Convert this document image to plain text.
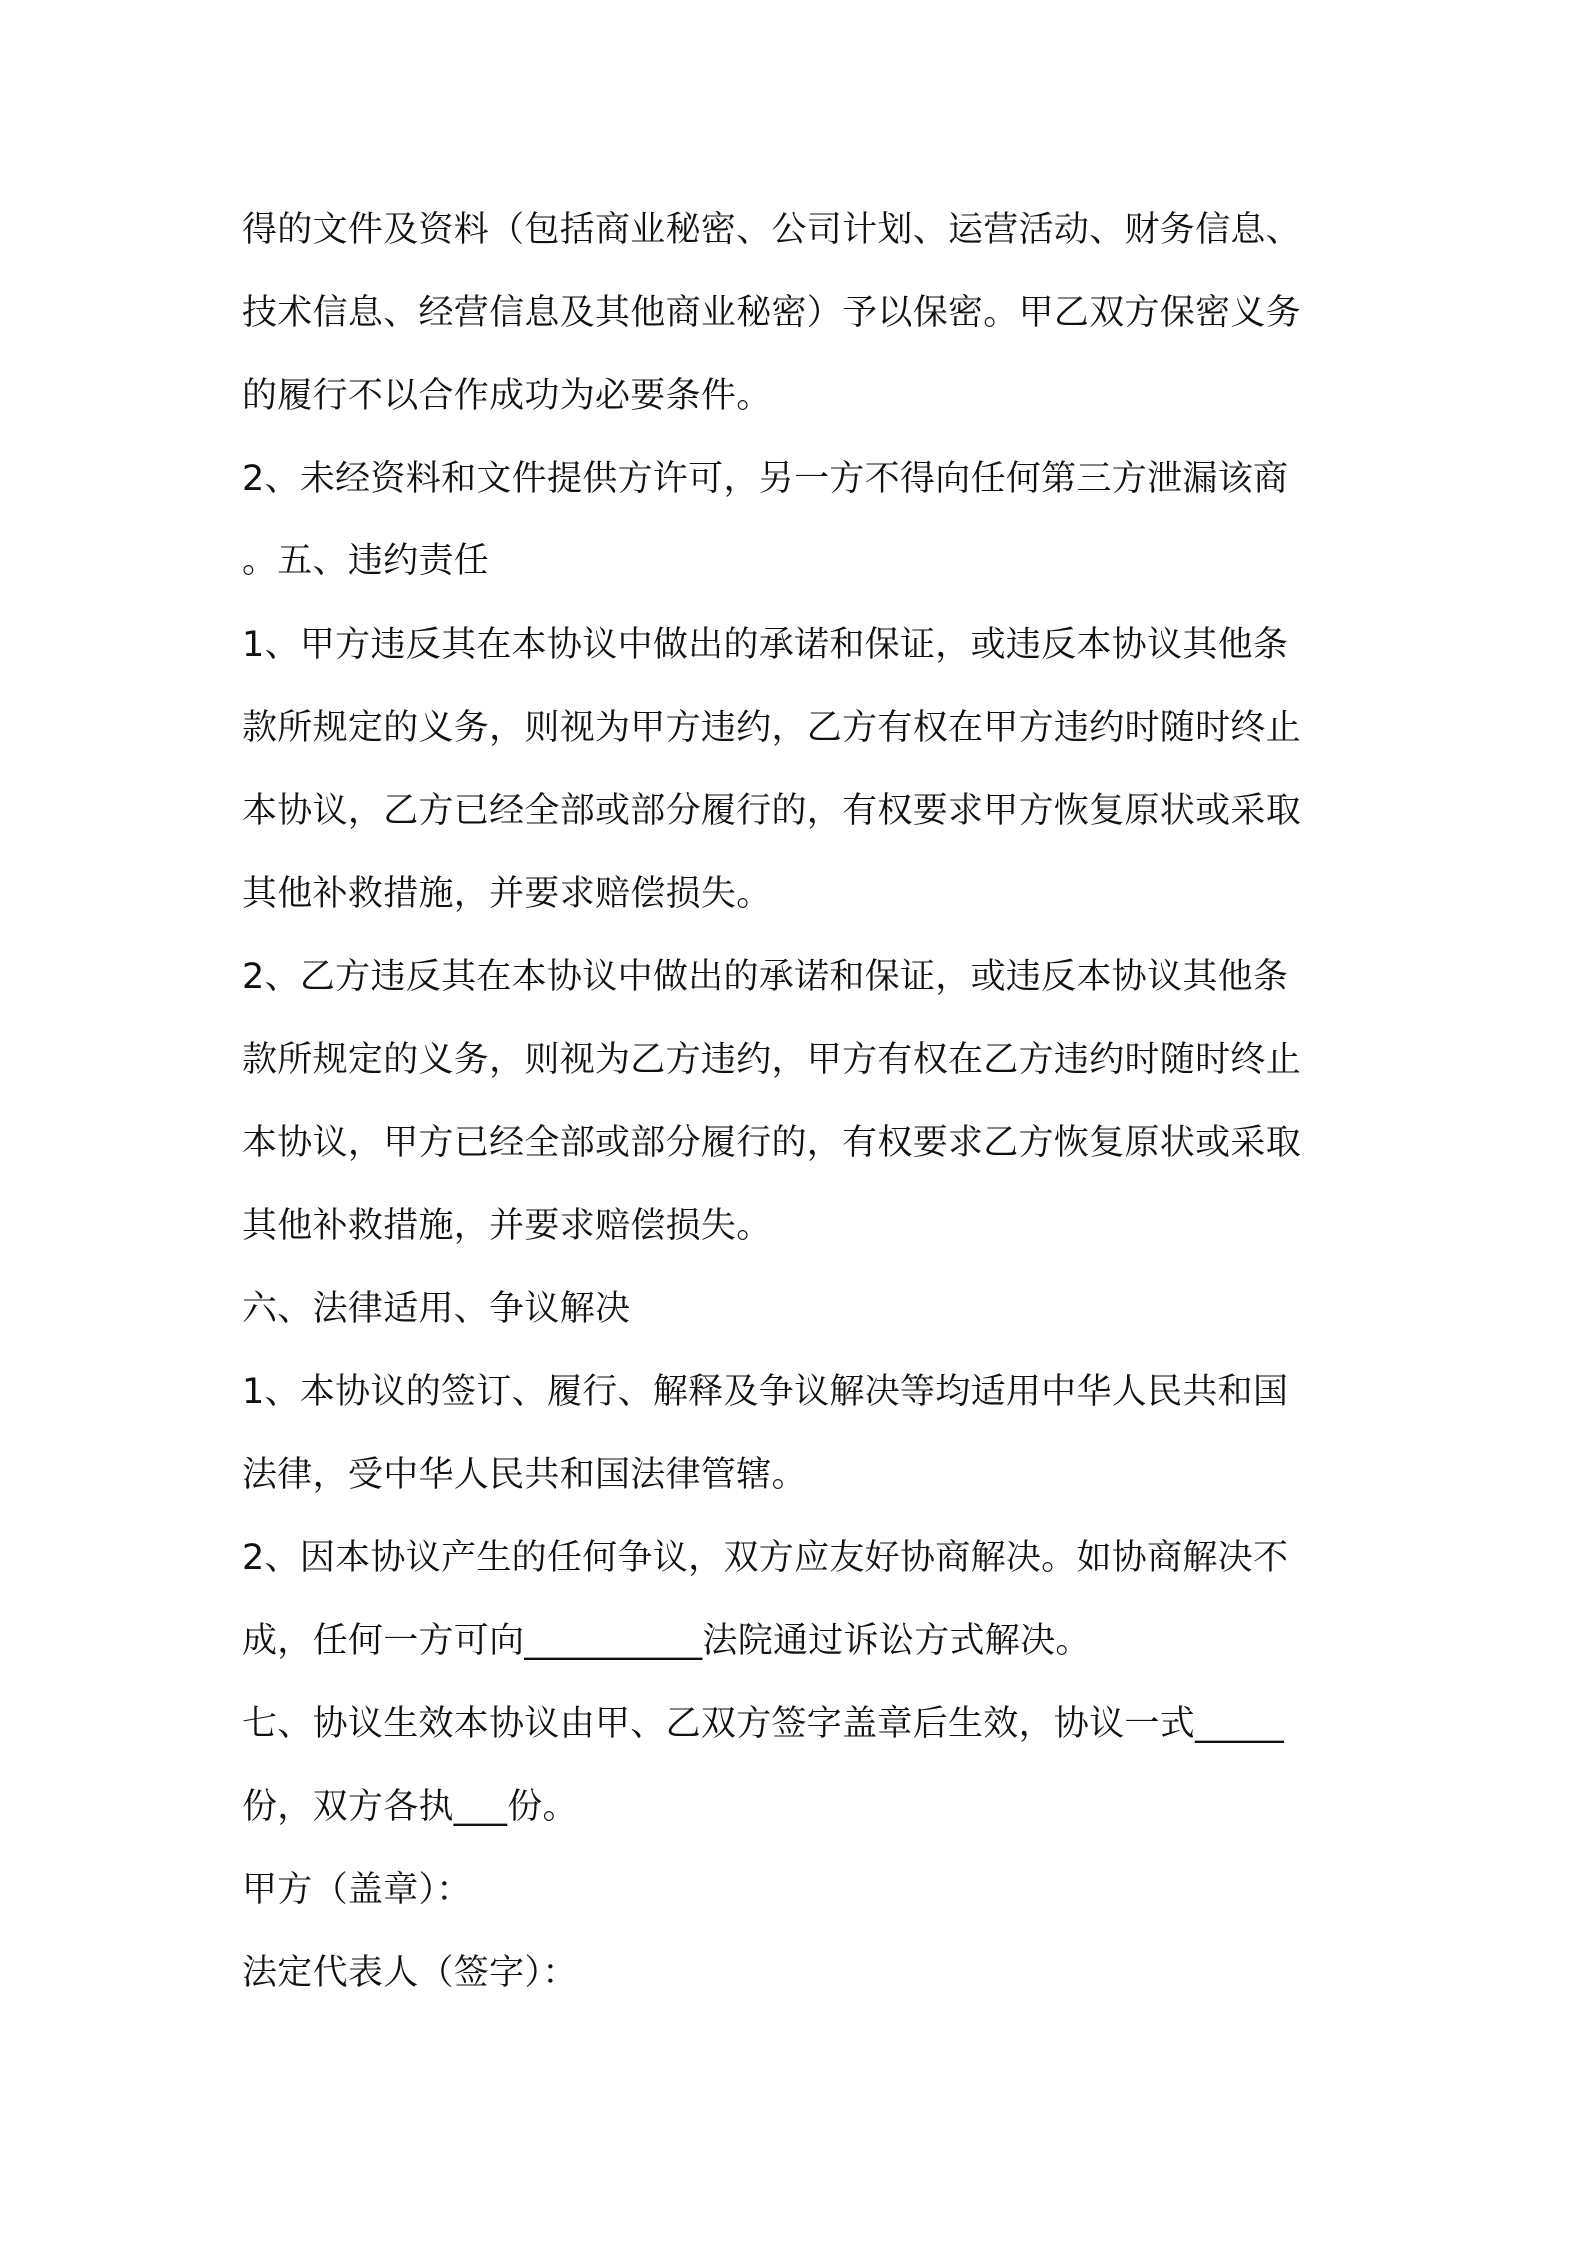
得的文件及资料（包括商业秘密、公司计划、运营活动、财务信息、
技术信息、经营信息及其他商业秘密）予以保密。甲乙双方保密义务
的履行不以合作成功为必要条件。
2、未经资料和文件提供方许可，另一方不得向任何第三方泄漏该商
。五、违约责任
1、甲方违反其在本协议中做出的承诺和保证，或违反本协议其他条
款所规定的义务，则视为甲方违约，乙方有权在甲方违约时随时终止
本协议，乙方已经全部或部分履行的，有权要求甲方恢复原状或采取
其他补救措施，并要求赔偿损失。
2、乙方违反其在本协议中做出的承诺和保证，或违反本协议其他条
款所规定的义务，则视为乙方违约，甲方有权在乙方违约时随时终止
本协议，甲方已经全部或部分履行的，有权要求乙方恢复原状或采取
其他补救措施，并要求赔偿损失。
六、法律适用、争议解决
1、本协议的签订、履行、解释及争议解决等均适用中华人民共和国
法律，受中华人民共和国法律管辖。
2、因本协议产生的任何争议，双方应友好协商解决。如协商解决不
成，任何一方可向__________法院通过诉讼方式解决。
七、协议生效本协议由甲、乙双方签字盖章后生效，协议一式_____
份，双方各执___份。
甲方（盖章）：
法定代表人（签字）：
